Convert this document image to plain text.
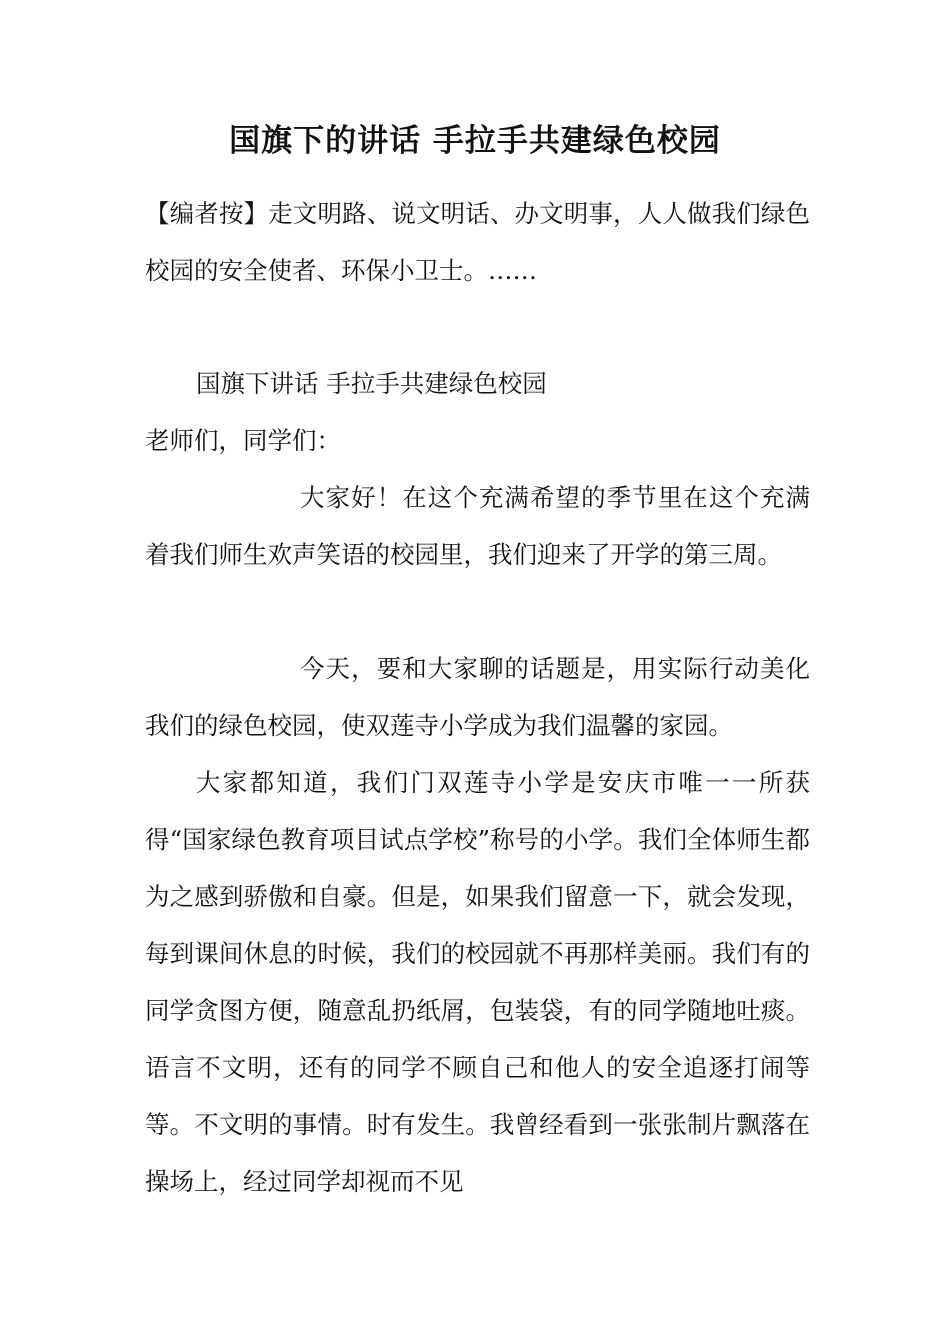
国旗下的讲话 手拉手共建绿色校园

【编者按】走文明路、说文明话、办文明事，人人做我们绿色校园的安全使者、环保小卫士。……

国旗下讲话 手拉手共建绿色校园

老师们，同学们：

大家好！在这个充满希望的季节里在这个充满着我们师生欢声笑语的校园里，我们迎来了开学的第三周。

今天，要和大家聊的话题是，用实际行动美化我们的绿色校园，使双莲寺小学成为我们温馨的家园。

大家都知道，我们门双莲寺小学是安庆市唯一一所获得“国家绿色教育项目试点学校”称号的小学。我们全体师生都为之感到骄傲和自豪。但是，如果我们留意一下，就会发现，每到课间休息的时候，我们的校园就不再那样美丽。我们有的同学贪图方便，随意乱扔纸屑，包装袋，有的同学随地吐痰。语言不文明，还有的同学不顾自己和他人的安全追逐打闹等等。不文明的事情。时有发生。我曾经看到一张张制片飘落在操场上，经过同学却视而不见
